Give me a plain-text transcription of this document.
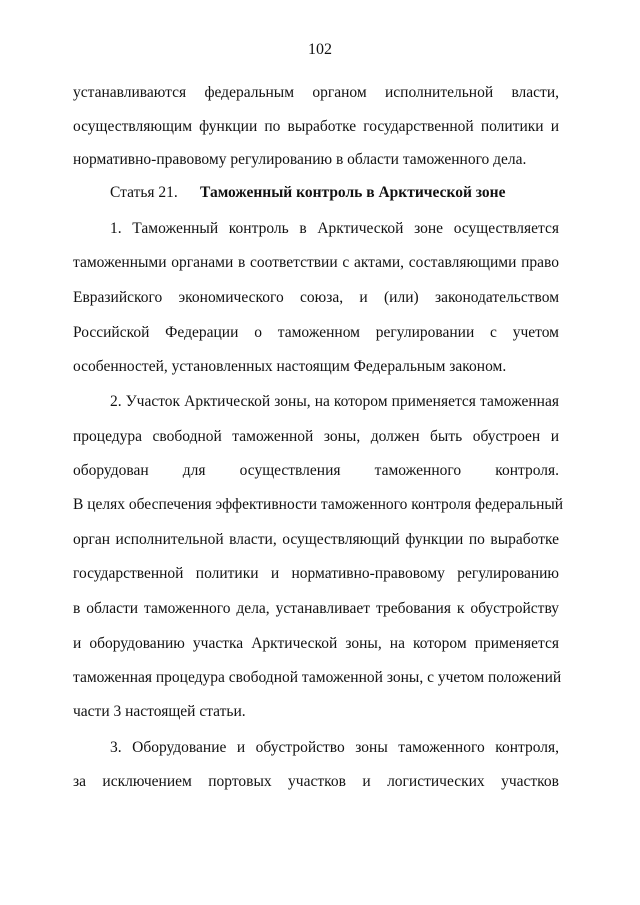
102
устанавливаются федеральным органом исполнительной власти,
осуществляющим функции по выработке государственной политики и
нормативно-правовому регулированию в области таможенного дела.
Статья 21. Таможенный контроль в Арктической зоне
1. Таможенный контроль в Арктической зоне осуществляется
таможенными органами в соответствии с актами, составляющими право
Евразийского экономического союза, и (или) законодательством
Российской Федерации о таможенном регулировании с учетом
особенностей, установленных настоящим Федеральным законом.
2. Участок Арктической зоны, на котором применяется таможенная
процедура свободной таможенной зоны, должен быть обустроен и
оборудован для осуществления таможенного контроля.
В целях обеспечения эффективности таможенного контроля федеральный
орган исполнительной власти, осуществляющий функции по выработке
государственной политики и нормативно-правовому регулированию
в области таможенного дела, устанавливает требования к обустройству
и оборудованию участка Арктической зоны, на котором применяется
таможенная процедура свободной таможенной зоны, с учетом положений
части 3 настоящей статьи.
3. Оборудование и обустройство зоны таможенного контроля,
за исключением портовых участков и логистических участков
